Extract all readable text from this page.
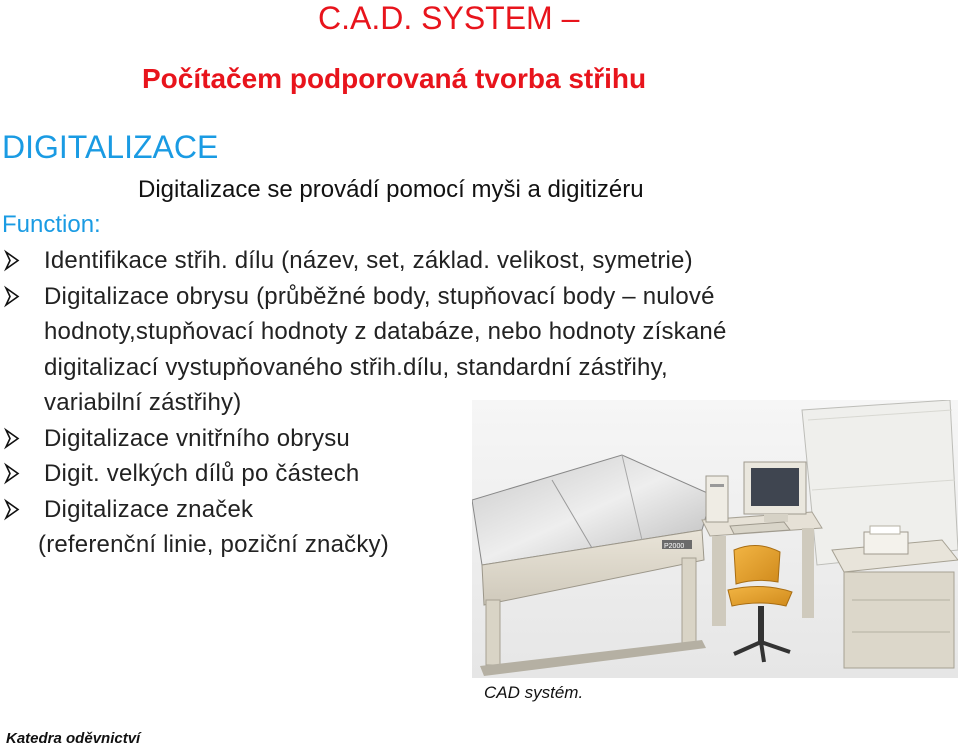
C.A.D. SYSTEM –
Počítačem podporovaná tvorba střihu
DIGITALIZACE
Digitalizace se provádí pomocí myši a digitizéru
Function:
P2000
CAD systém.
Katedra oděvnictví
Identifikace střih. dílu (název, set, základ. velikost, symetrie)
Digitalizace obrysu (průběžné body, stupňovací body – nulové
hodnoty,stupňovací hodnoty z databáze, nebo hodnoty získané
digitalizací vystupňovaného střih.dílu, standardní zástřihy,
variabilní zástřihy)
Digitalizace vnitřního obrysu
Digit. velkých dílů po částech
Digitalizace značek
(referenční linie, poziční značky)
